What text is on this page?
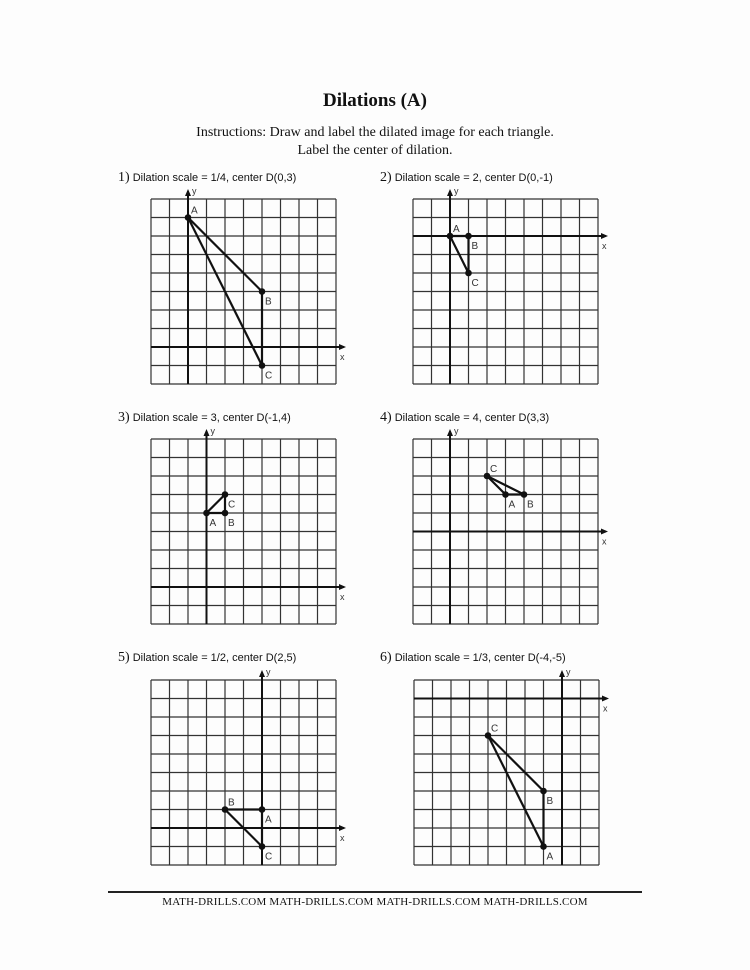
Dilations (A)
Instructions: Draw and label the dilated image for each triangle.
Label the center of dilation.
1) Dilation scale = 1/4, center D(0,3)
x
y
A
B
C
2) Dilation scale = 2, center D(0,-1)
x
y
A
B
C
3) Dilation scale = 3, center D(-1,4)
x
y
A B
C
4) Dilation scale = 4, center D(3,3)
x
y
A B
C
5) Dilation scale = 1/2, center D(2,5)
x
y
A
B
C
6) Dilation scale = 1/3, center D(-4,-5)
x
y
A
B
C
MATH-DRILLS.COM MATH-DRILLS.COM MATH-DRILLS.COM MATH-DRILLS.COM
